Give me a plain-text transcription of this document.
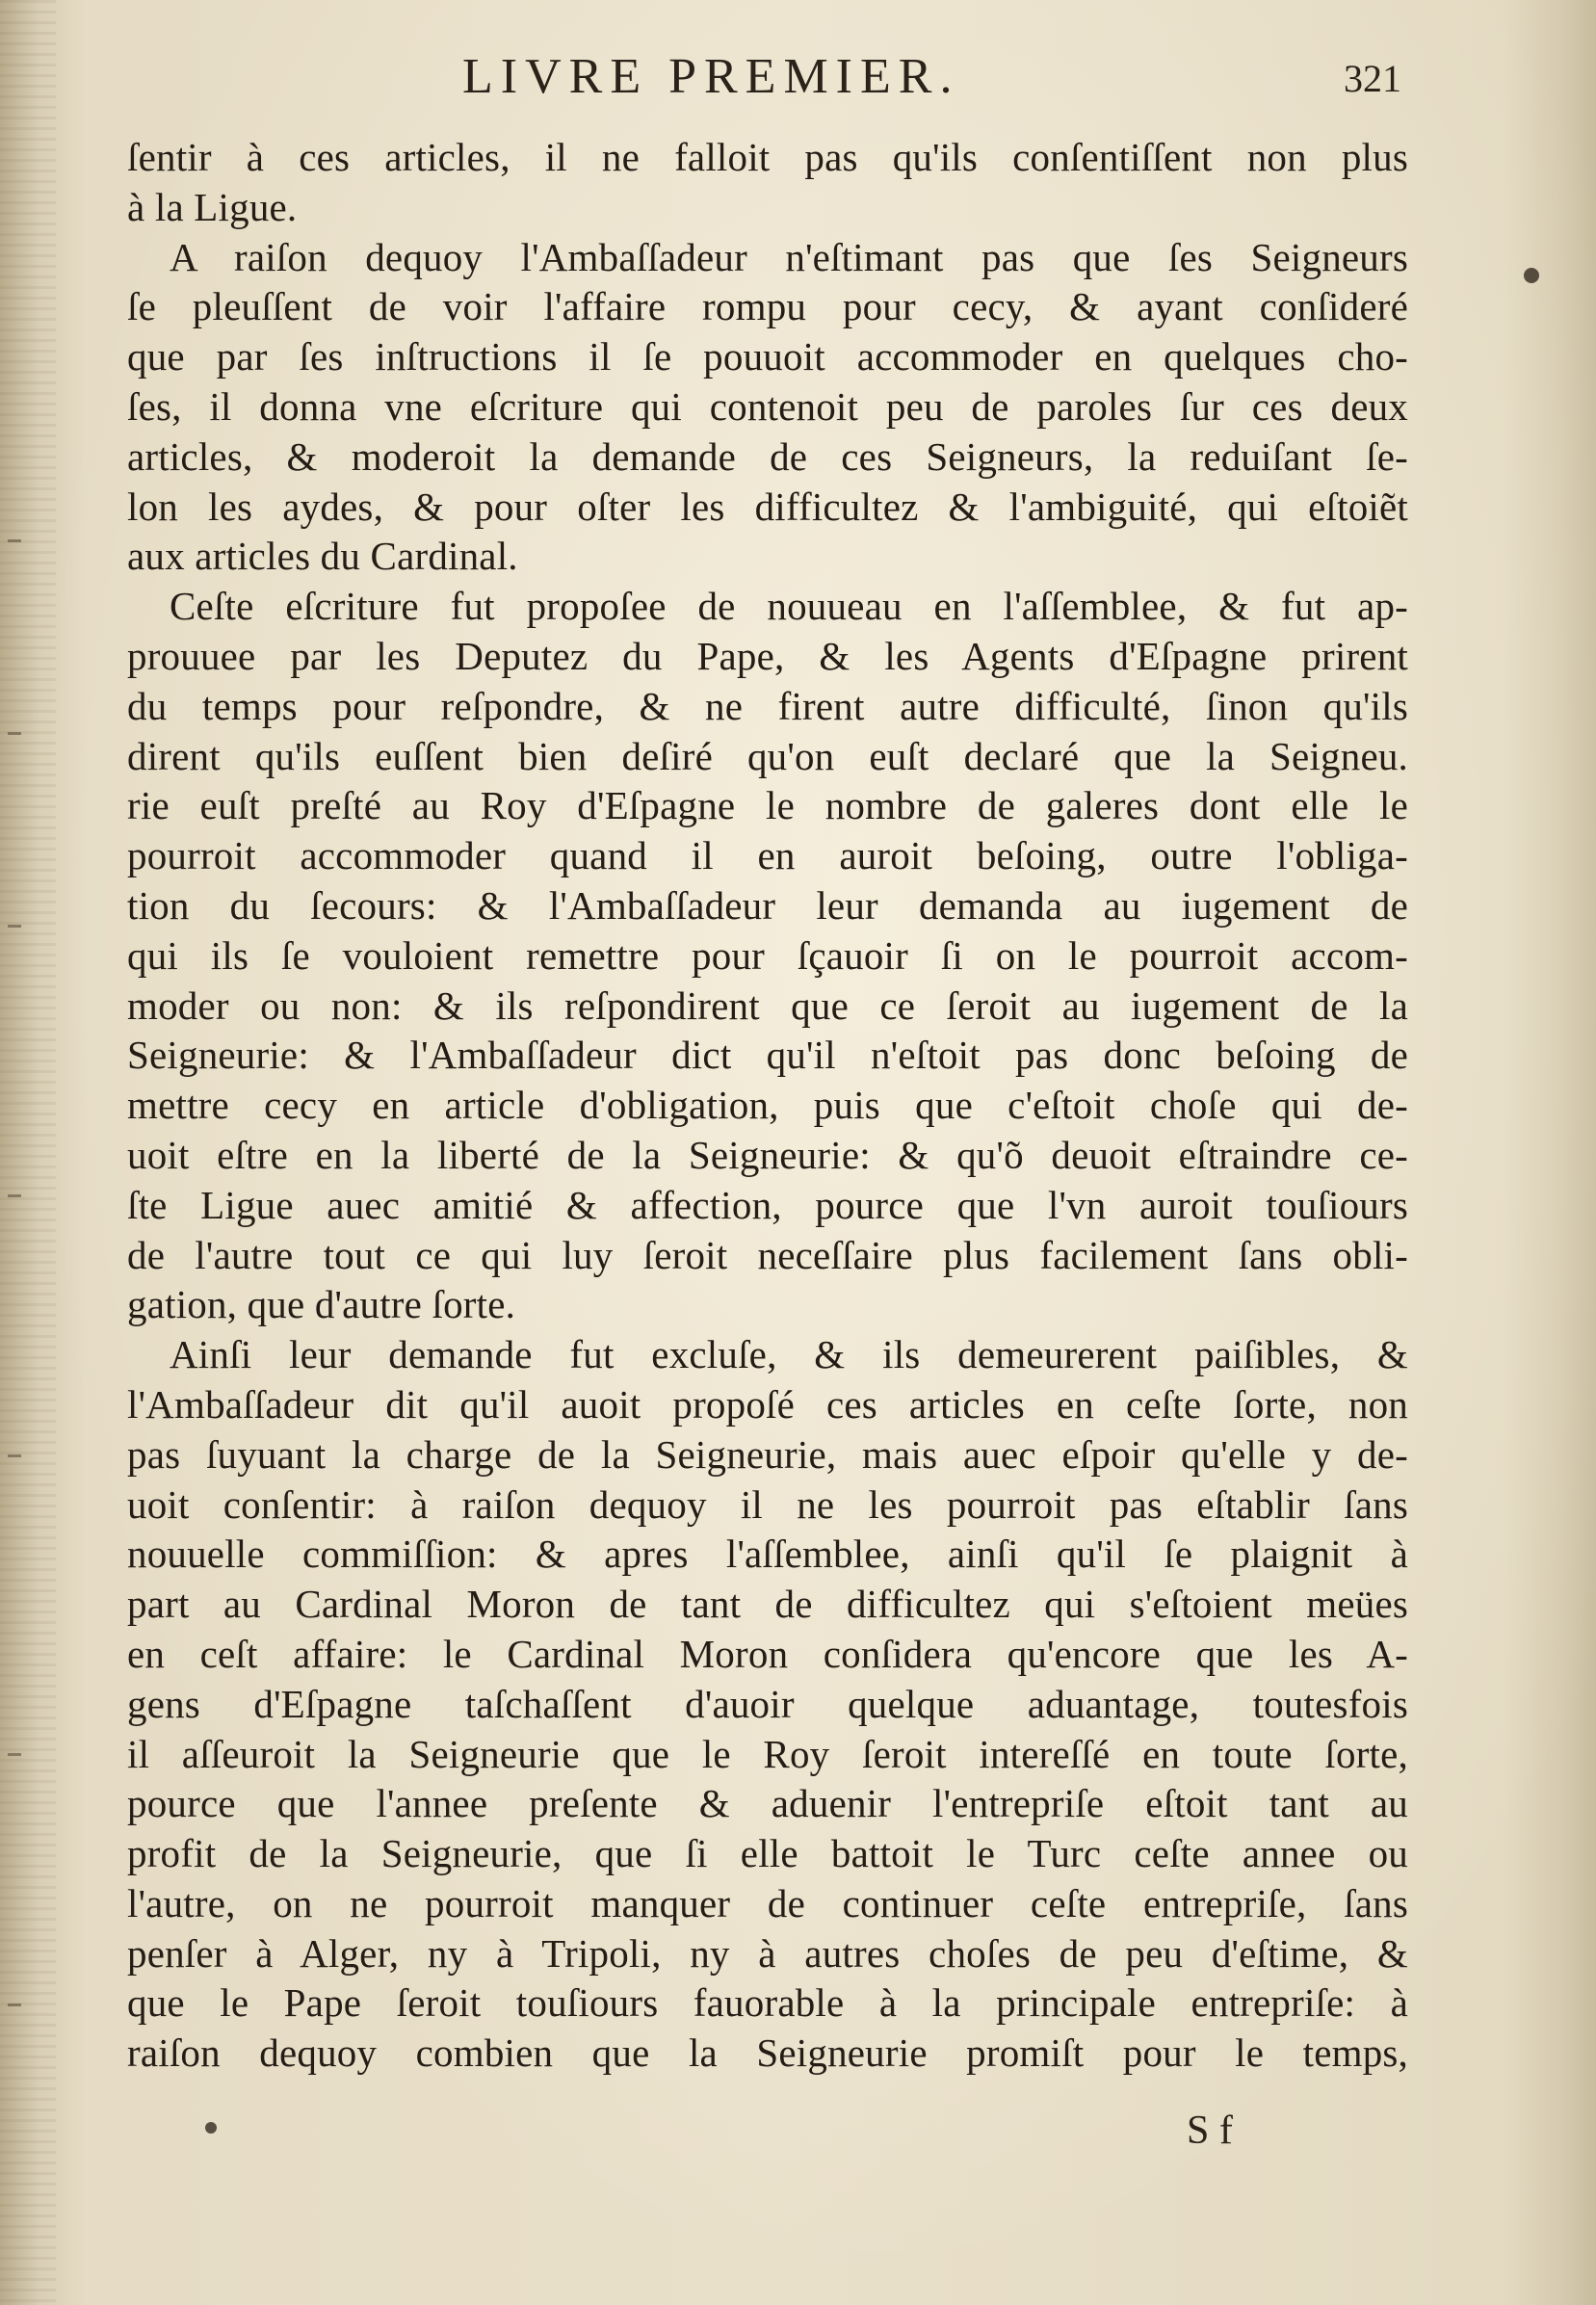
LIVRE PREMIER.	321
ſentir à ces articles, il ne falloit pas qu'ils conſentiſſent non plus
à la Ligue.
A raiſon dequoy l'Ambaſſadeur n'eſtimant pas que ſes Seigneurs
ſe pleuſſent de voir l'affaire rompu pour cecy, & ayant conſideré
que par ſes inſtructions il ſe pouuoit accommoder en quelques cho-
ſes, il donna vne eſcriture qui contenoit peu de paroles ſur ces deux
articles, & moderoit la demande de ces Seigneurs, la reduiſant ſe-
lon les aydes, & pour oſter les difficultez & l'ambiguité, qui eſtoiẽt
aux articles du Cardinal.
Ceſte eſcriture fut propoſee de nouueau en l'aſſemblee, & fut ap-
prouuee par les Deputez du Pape, & les Agents d'Eſpagne prirent
du temps pour reſpondre, & ne firent autre difficulté, ſinon qu'ils
dirent qu'ils euſſent bien deſiré qu'on euſt declaré que la Seigneu.
rie euſt preſté au Roy d'Eſpagne le nombre de galeres dont elle le
pourroit accommoder quand il en auroit beſoing, outre l'obliga-
tion du ſecours: & l'Ambaſſadeur leur demanda au iugement de
qui ils ſe vouloient remettre pour ſçauoir ſi on le pourroit accom-
moder ou non: & ils reſpondirent que ce ſeroit au iugement de la
Seigneurie: & l'Ambaſſadeur dict qu'il n'eſtoit pas donc beſoing de
mettre cecy en article d'obligation, puis que c'eſtoit choſe qui de-
uoit eſtre en la liberté de la Seigneurie: & qu'õ deuoit eſtraindre ce-
ſte Ligue auec amitié & affection, pource que l'vn auroit touſiours
de l'autre tout ce qui luy ſeroit neceſſaire plus facilement ſans obli-
gation, que d'autre ſorte.
Ainſi leur demande fut excluſe, & ils demeurerent paiſibles, &
l'Ambaſſadeur dit qu'il auoit propoſé ces articles en ceſte ſorte, non
pas ſuyuant la charge de la Seigneurie, mais auec eſpoir qu'elle y de-
uoit conſentir: à raiſon dequoy il ne les pourroit pas eſtablir ſans
nouuelle commiſſion: & apres l'aſſemblee, ainſi qu'il ſe plaignit à
part au Cardinal Moron de tant de difficultez qui s'eſtoient meües
en ceſt affaire: le Cardinal Moron conſidera qu'encore que les A-
gens d'Eſpagne taſchaſſent d'auoir quelque aduantage, toutesfois
il aſſeuroit la Seigneurie que le Roy ſeroit intereſſé en toute ſorte,
pource que l'annee preſente & aduenir l'entrepriſe eſtoit tant au
profit de la Seigneurie, que ſi elle battoit le Turc ceſte annee ou
l'autre, on ne pourroit manquer de continuer ceſte entrepriſe, ſans
penſer à Alger, ny à Tripoli, ny à autres choſes de peu d'eſtime, &
que le Pape ſeroit touſiours fauorable à la principale entrepriſe: à
raiſon dequoy combien que la Seigneurie promiſt pour le temps,
S f
